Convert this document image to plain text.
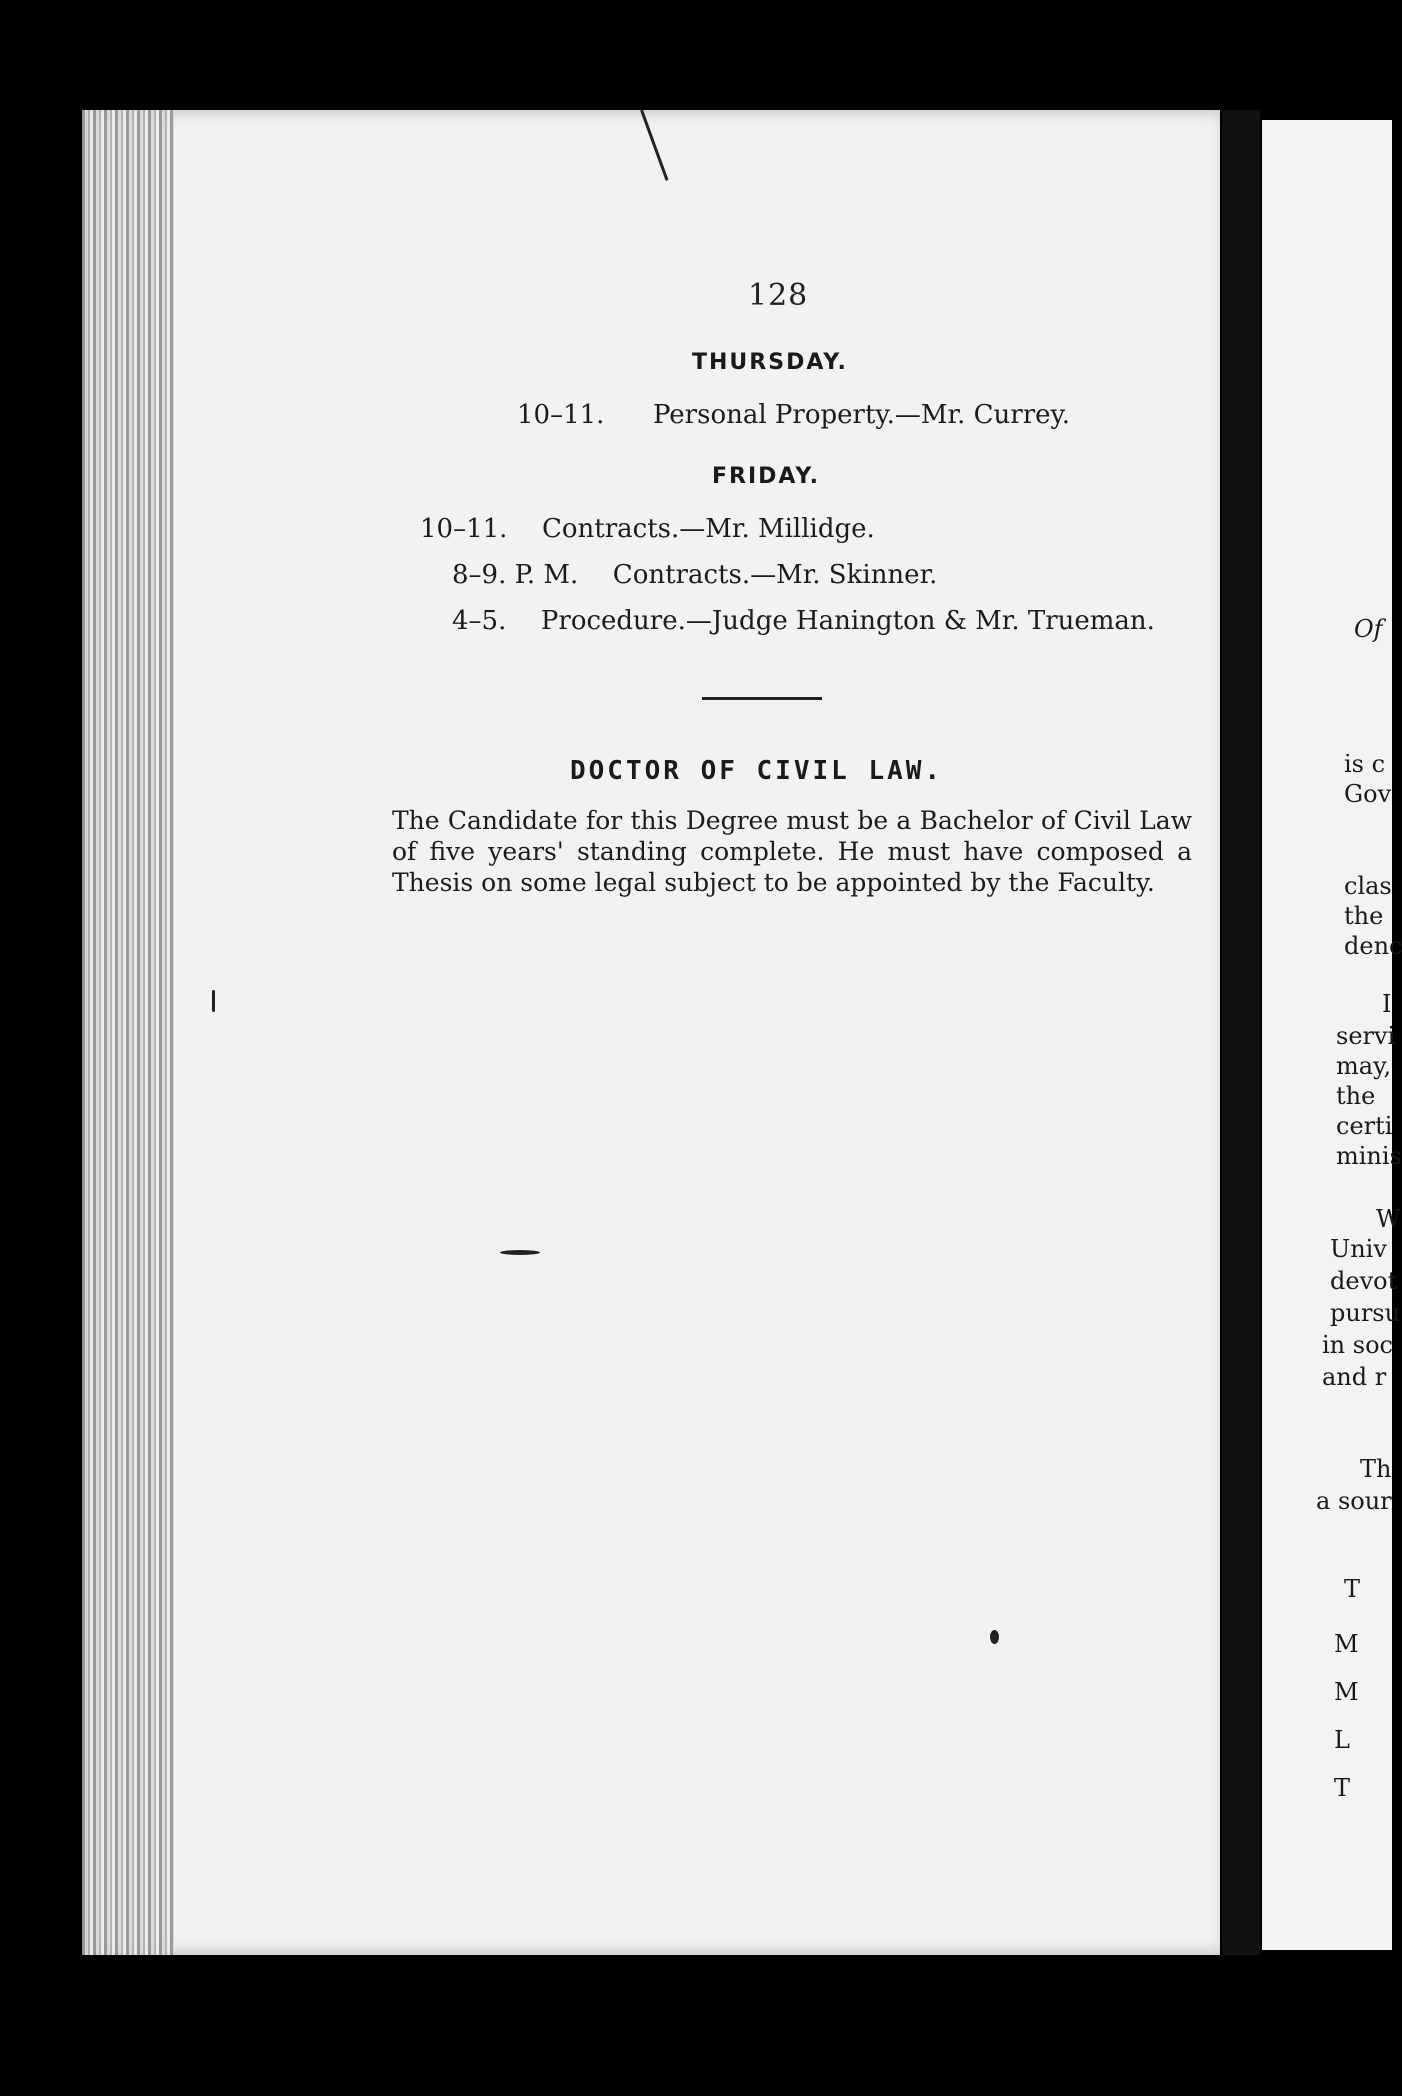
128
THURSDAY.
10–11. Personal Property.—Mr. Currey.
FRIDAY.
10–11. Contracts.—Mr. Millidge.
8–9. P. M. Contracts.—Mr. Skinner.
4–5. Procedure.—Judge Hanington & Mr. Trueman.
DOCTOR OF CIVIL LAW.
The Candidate for this Degree must be a Bachelor of Civil Law of five years' standing complete. He must have composed a Thesis on some legal subject to be appointed by the Faculty.
Of
is c
Gov
clas
the
denc
I
servi
may,
the
certi
minis
W
Univ
devot
pursu
in soc
and r
Th
a sour
T
M
M
L
T
